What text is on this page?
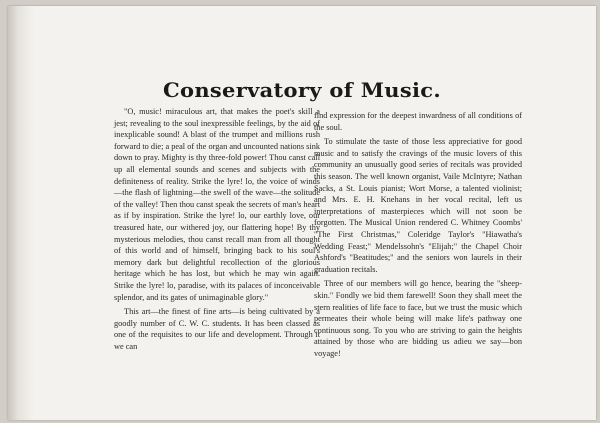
Conservatory of Music.

"O, music! miraculous art, that makes the poet's skill a jest; revealing to the soul inexpressible feelings, by the aid of inexplicable sound! A blast of the trumpet and millions rush forward to die; a peal of the organ and uncounted nations sink down to pray. Mighty is thy three-fold power! Thou canst call up all elemental sounds and scenes and subjects with the definiteness of reality. Strike the lyre! lo, the voice of winds—the flash of lightning—the swell of the wave—the solitude of the valley! Then thou canst speak the secrets of man's heart as if by inspiration. Strike the lyre! lo, our earthly love, our treasured hate, our withered joy, our flattering hope! By thy mysterious melodies, thou canst recall man from all thought of this world and of himself, bringing back to his soul's memory dark but delightful recollection of the glorious heritage which he has lost, but which he may win again. Strike the lyre! lo, paradise, with its palaces of inconceivable splendor, and its gates of unimaginable glory."

This art—the finest of fine arts—is being cultivated by a goodly number of C. W. C. students. It has been classed as one of the requisites to our life and development. Through it we can

find expression for the deepest inwardness of all conditions of the soul.

To stimulate the taste of those less appreciative for good music and to satisfy the cravings of the music lovers of this community an unusually good series of recitals was provided this season. The well known organist, Vaile McIntyre; Nathan Sacks, a St. Louis pianist; Wort Morse, a talented violinist; and Mrs. E. H. Knehans in her vocal recital, left us interpretations of masterpieces which will not soon be forgotten. The Musical Union rendered C. Whitney Coombs' "The First Christmas," Coleridge Taylor's "Hiawatha's Wedding Feast;" Mendelssohn's "Elijah;" the Chapel Choir Ashford's "Beatitudes;" and the seniors won laurels in their graduation recitals.

Three of our members will go hence, bearing the "sheep-skin." Fondly we bid them farewell! Soon they shall meet the stern realities of life face to face, but we trust the music which permeates their whole being will make life's pathway one continuous song. To you who are striving to gain the heights attained by those who are bidding us adieu we say—bon voyage!
